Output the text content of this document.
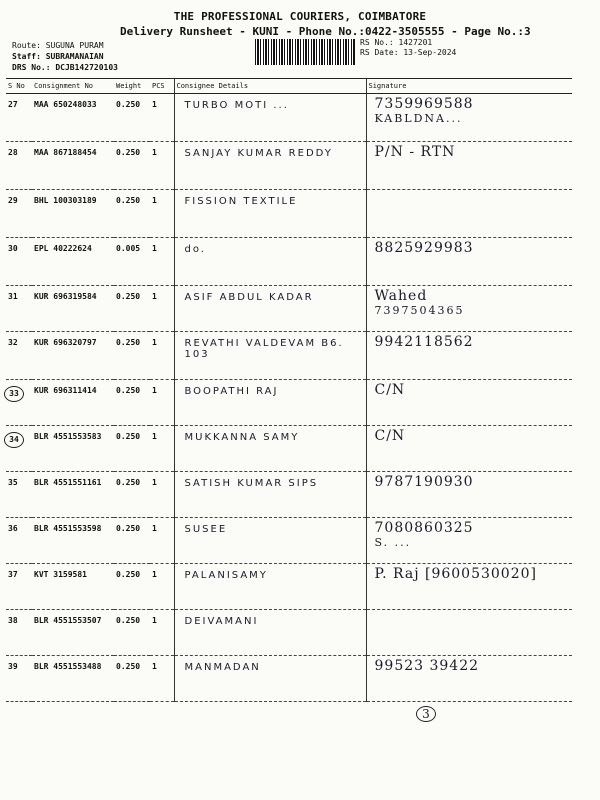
THE PROFESSIONAL COURIERS, COIMBATORE
Delivery Runsheet - KUNI - Phone No.:0422-3505555 - Page No.:3
Route: SUGUNA PURAM
Staff: SUBRAMANAIAN
DRS No.: DCJB142720103
RS No.: 1427201
RS Date: 13-Sep-2024
S No	Consignment No	Weight	PCS	Consignee Details	Signature
27	MAA 650248033	0.250	1	TURBO MOTI ...	7359969588
KABLDNA...

28	MAA 867188454	0.250	1	SANJAY KUMAR REDDY	P/N - RTN

29	BHL 100303189	0.250	1	FISSION TEXTILE	

30	EPL 40222624	0.005	1	do.	8825929983

31	KUR 696319584	0.250	1	ASIF ABDUL KADAR	Wahed
7397504365

32	KUR 696320797	0.250	1	REVATHI VALDEVAM B6. 103	9942118562

33	KUR 696311414	0.250	1	BOOPATHI RAJ	C/N

34	BLR 4551553583	0.250	1	MUKKANNA SAMY	C/N

35	BLR 4551551161	0.250	1	SATISH KUMAR SIPS	9787190930

36	BLR 4551553598	0.250	1	SUSEE	7080860325
S. ...

37	KVT 3159581	0.250	1	PALANISAMY	P. Raj [9600530020]

38	BLR 4551553507	0.250	1	DEIVAMANI	

39	BLR 4551553488	0.250	1	MANMADAN	99523 39422
3
